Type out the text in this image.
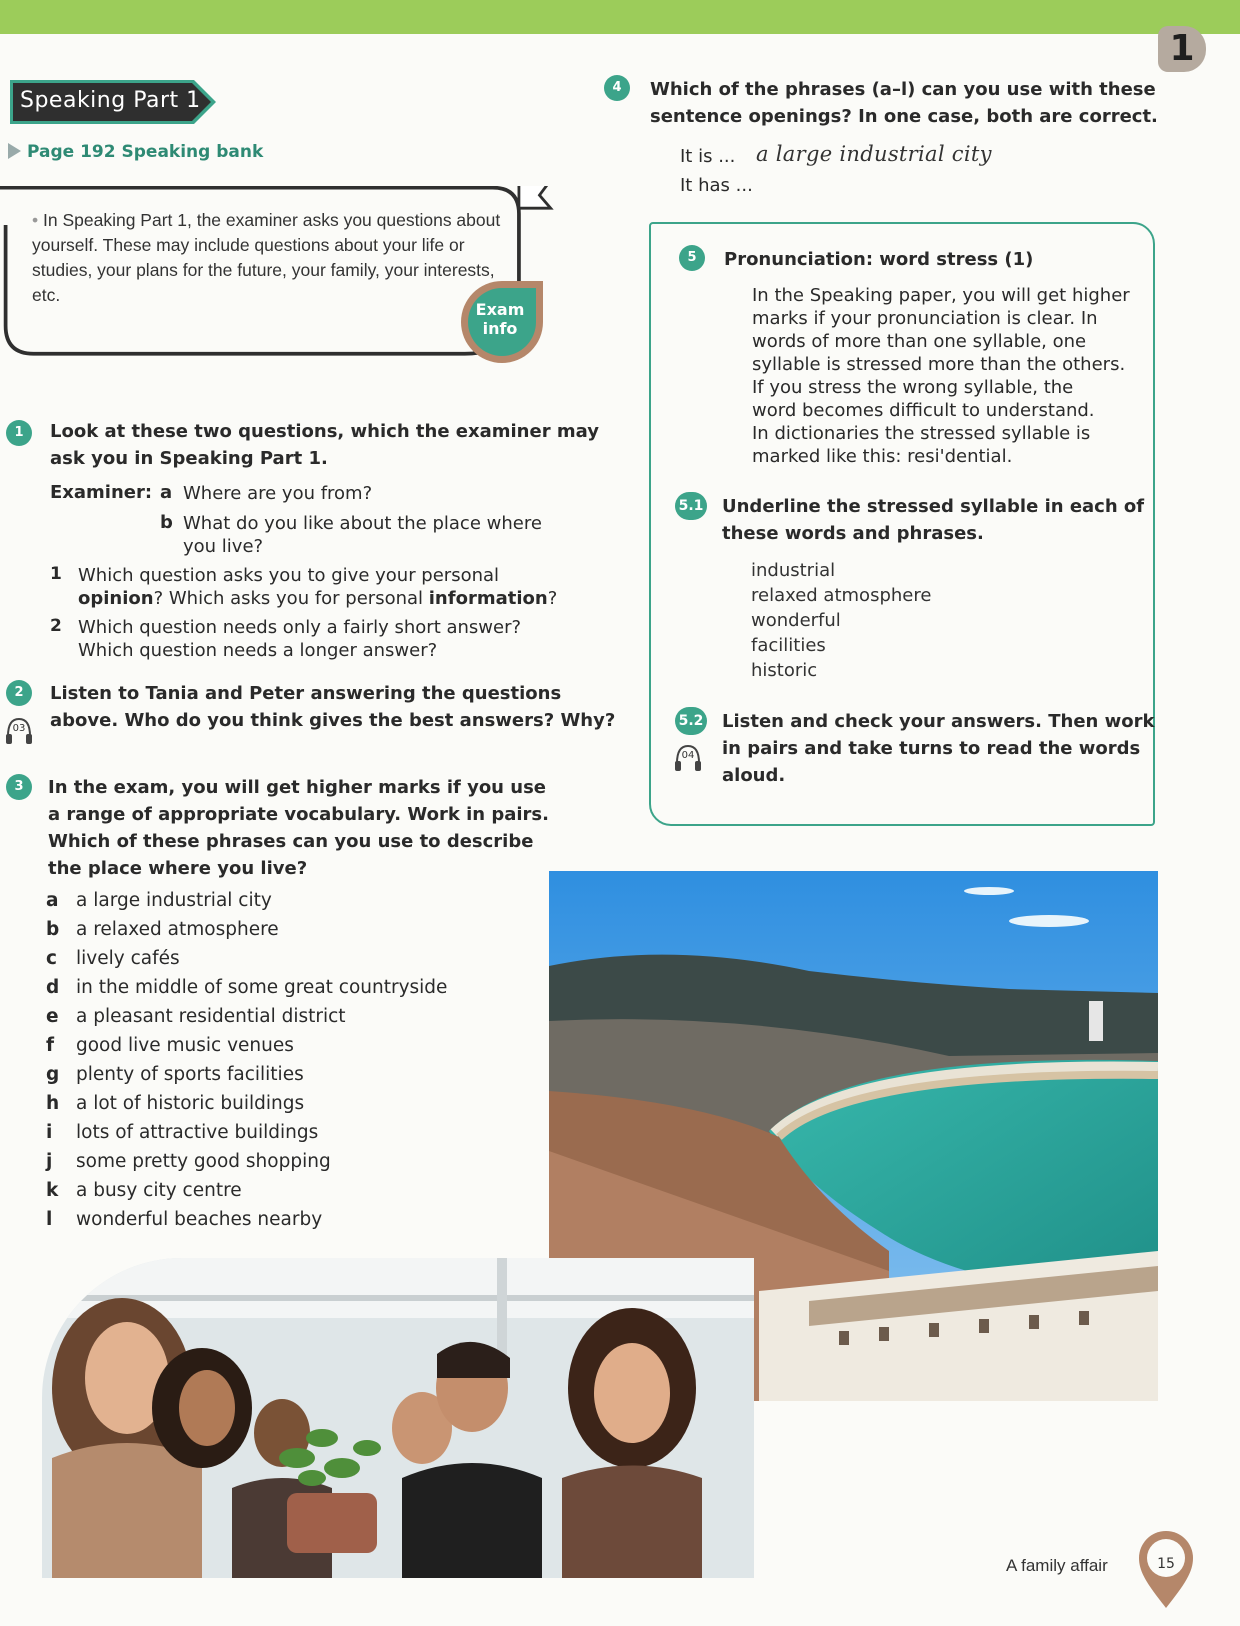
1
Speaking Part 1
Page 192 Speaking bank
• In Speaking Part 1, the examiner asks you questions about yourself. These may include questions about your life or studies, your plans for the future, your family, your interests, etc.
Exam
info
1	Look at these two questions, which the examiner may
ask you in Speaking Part 1.
Examiner: a Where are you from?
b What do you like about the place where
you live?
1 Which question asks you to give your personal
opinion? Which asks you for personal information?
2 Which question needs only a fairly short answer?
Which question needs a longer answer?
2
03
Listen to Tania and Peter answering the questions
above. Who do you think gives the best answers? Why?
3	In the exam, you will get higher marks if you use
a range of appropriate vocabulary. Work in pairs.
Which of these phrases can you use to describe
the place where you live?
a a large industrial city
b a relaxed atmosphere
c	lively cafés
d in the middle of some great countryside
e a pleasant residential district
f	good live music venues
g plenty of sports facilities
h a lot of historic buildings
i	lots of attractive buildings
j	some pretty good shopping
k a busy city centre
l	wonderful beaches nearby
4	Which of the phrases (a–l) can you use with these
sentence openings? In one case, both are correct.
It is ... a large industrial city
It has ...
5	Pronunciation: word stress (1)
In the Speaking paper, you will get higher
marks if your pronunciation is clear. In
words of more than one syllable, one
syllable is stressed more than the others.
If you stress the wrong syllable, the
word becomes difficult to understand.
In dictionaries the stressed syllable is
marked like this: resi'dential.
5.1 Underline the stressed syllable in each of
these words and phrases.
industrial
relaxed atmosphere
wonderful
facilities
historic
5.2
04
Listen and check your answers. Then work
in pairs and take turns to read the words
aloud.
A family affair	15
